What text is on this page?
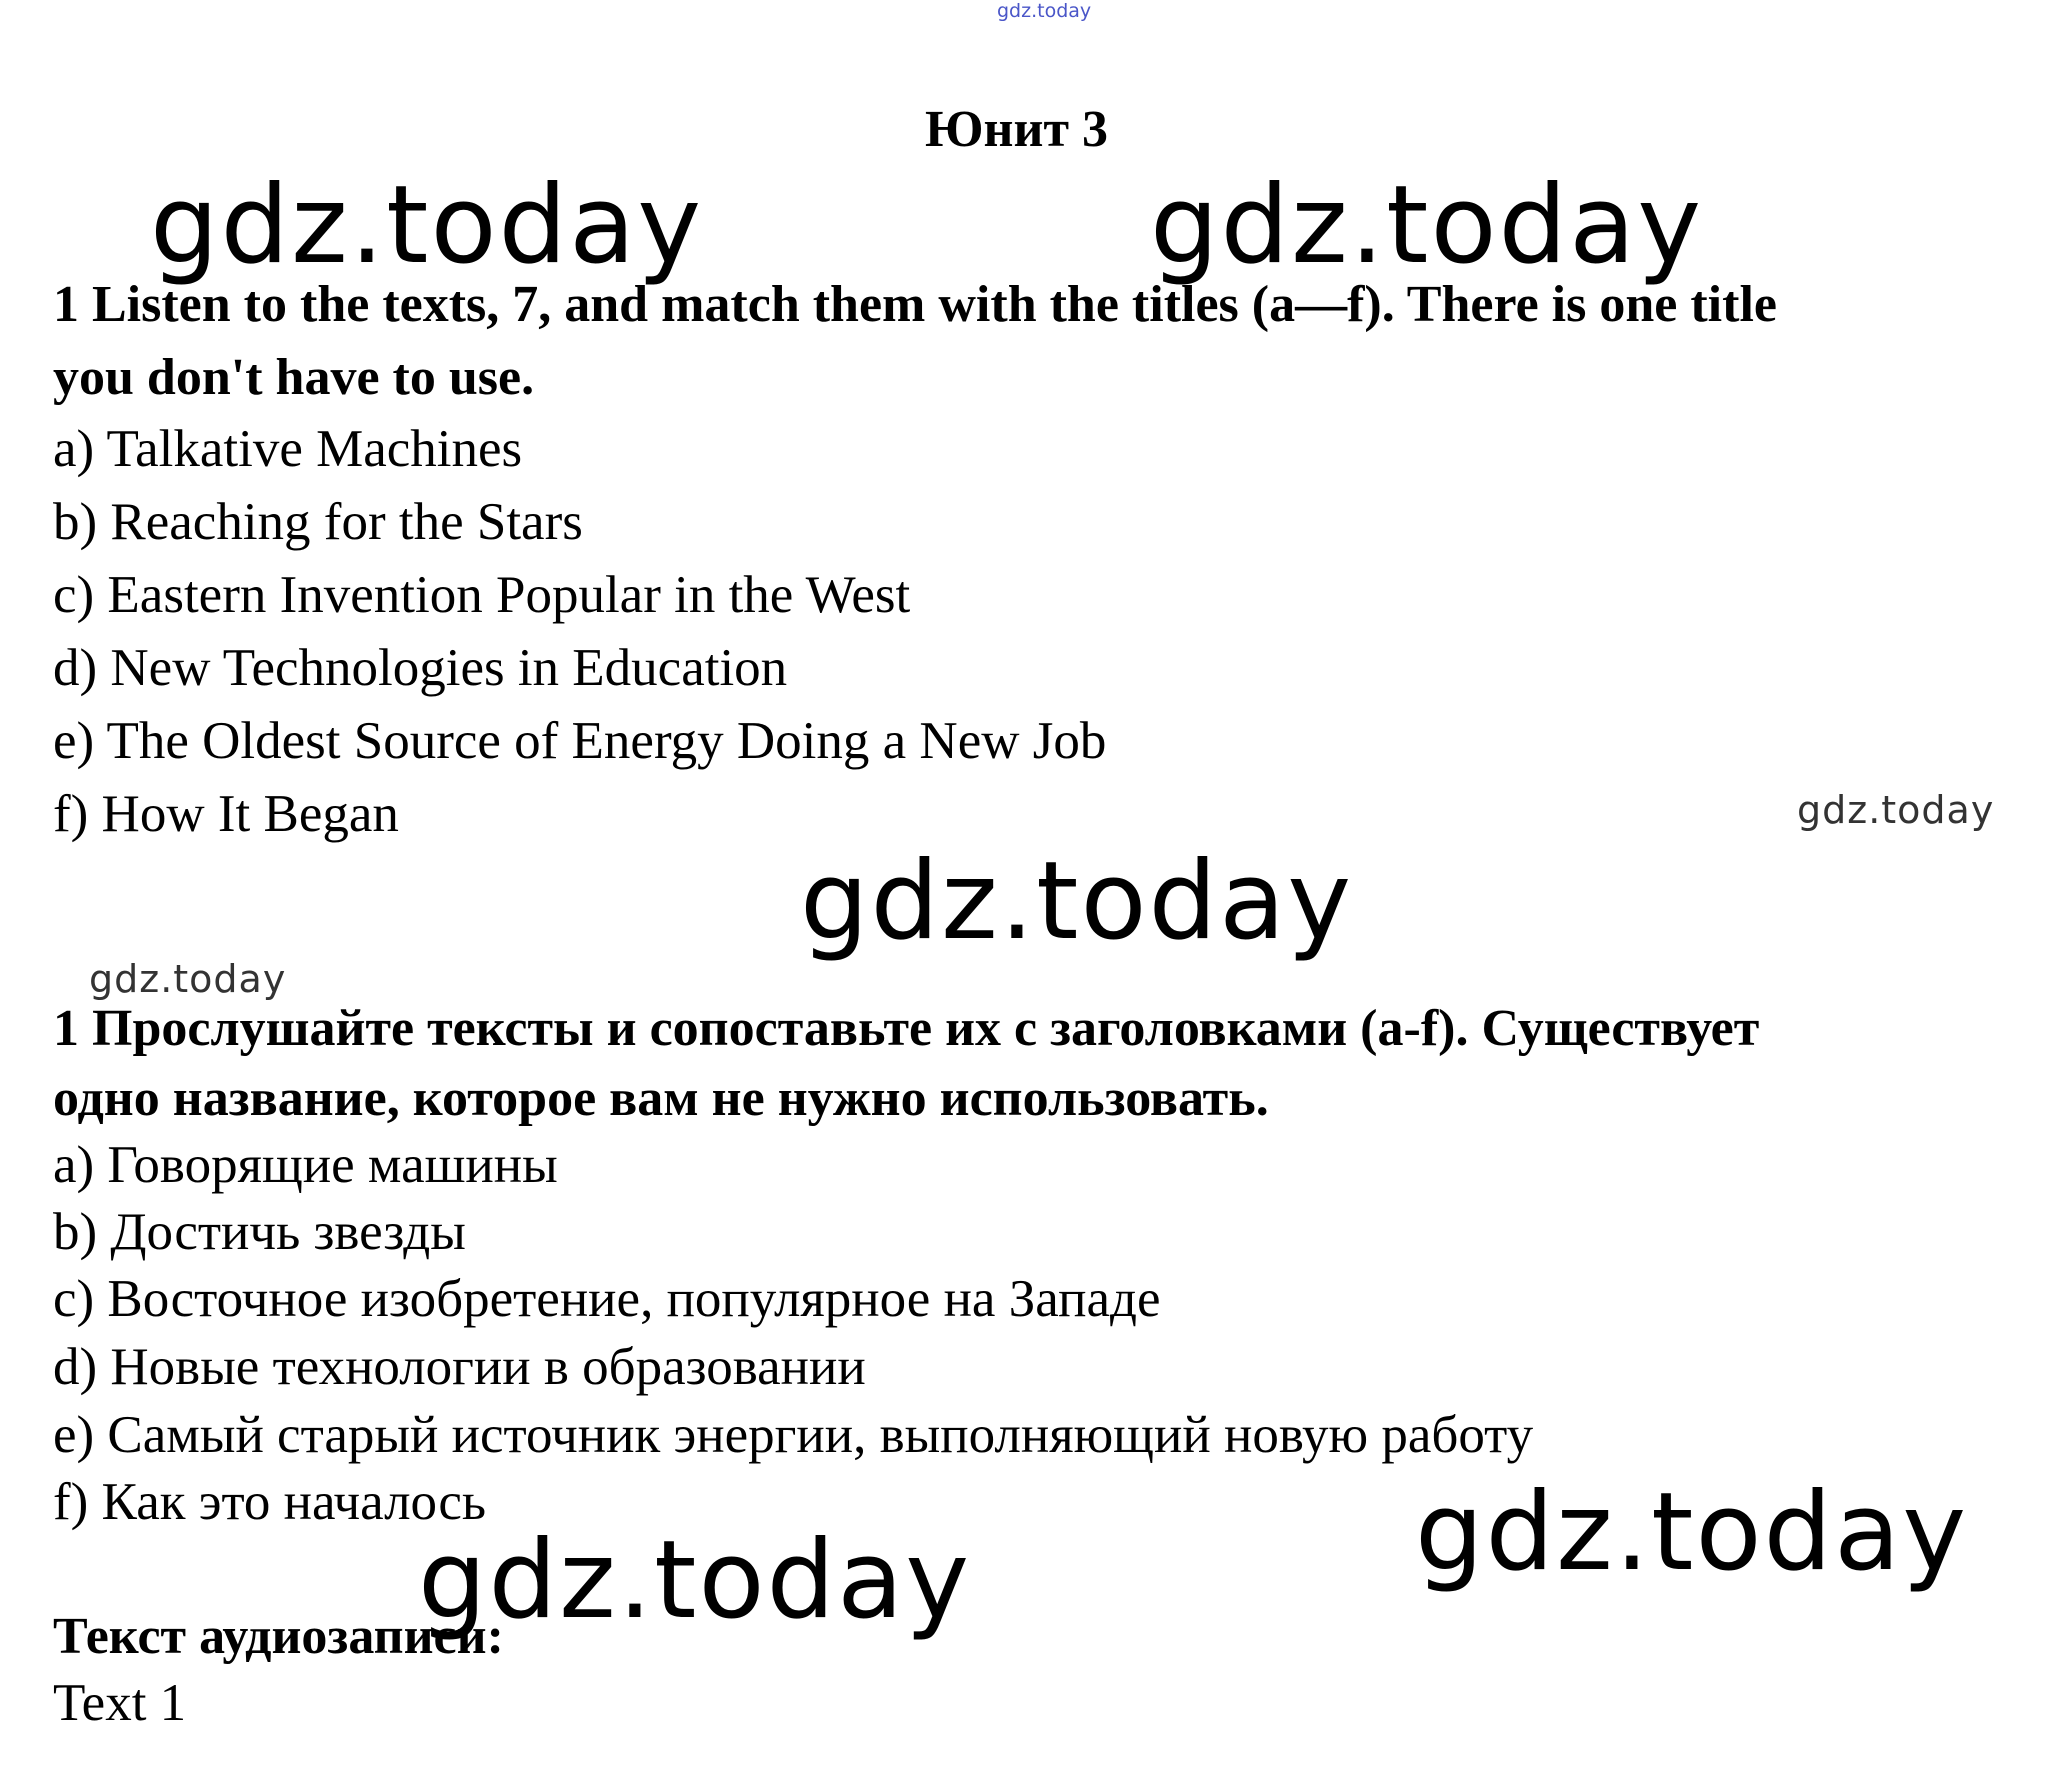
gdz.today
gdz.today	gdz.today
gdz.today
gdz.today
gdz.today
gdz.today
gdz.today
Юнит 3
1 Listen to the texts, 7, and match them with the titles (a—f). There is one title
you don't have to use.
a) Talkative Machines
b) Reaching for the Stars
c) Eastern Invention Popular in the West
d) New Technologies in Education
e) The Oldest Source of Energy Doing a New Job
f) How It Began
1 Прослушайте тексты и сопоставьте их с заголовками (a-f). Существует
одно название, которое вам не нужно использовать.
a) Говорящие машины
b) Достичь звезды
c) Восточное изобретение, популярное на Западе
d) Новые технологии в образовании
e) Самый старый источник энергии, выполняющий новую работу
f) Как это началось
Текст аудиозаписи:
Text 1
